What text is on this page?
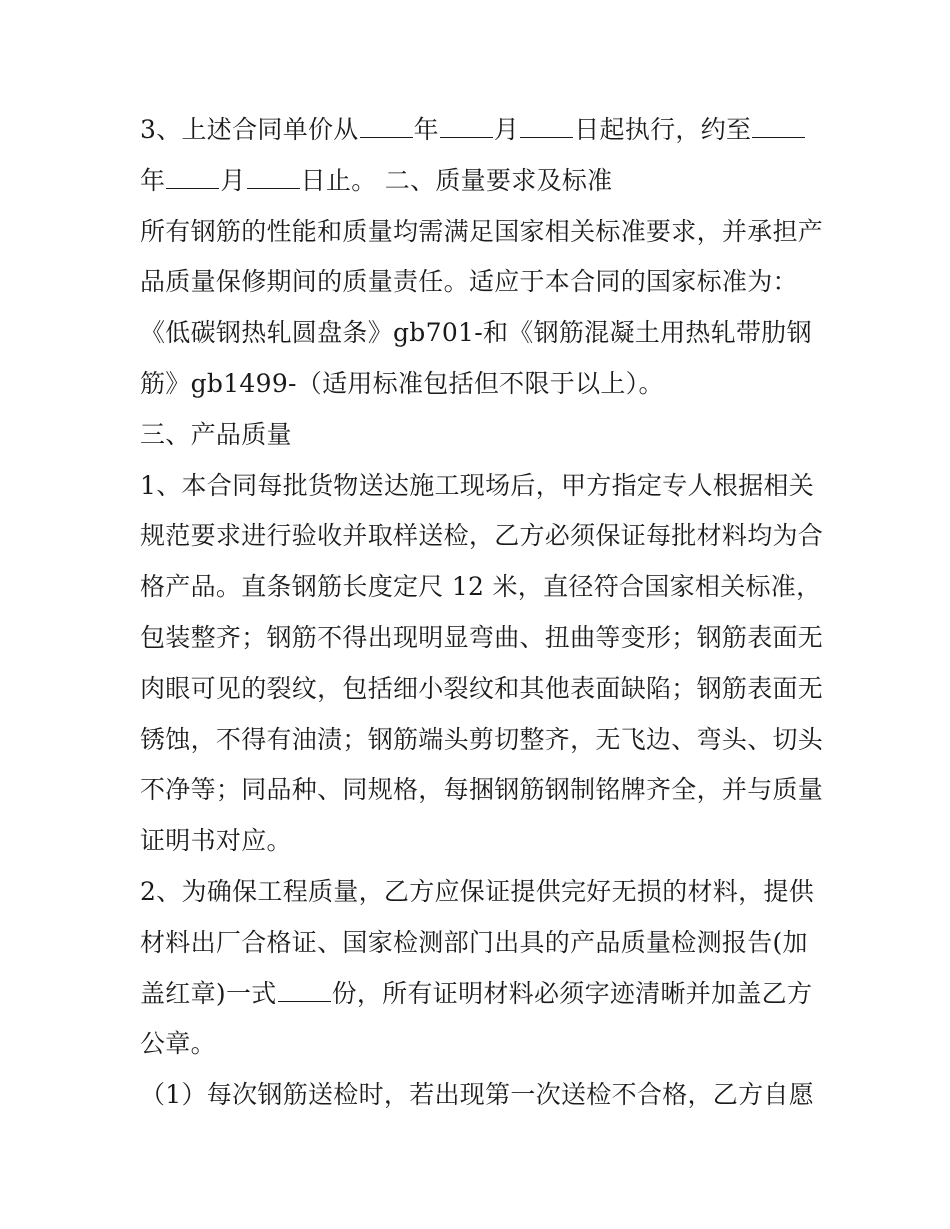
3、上述合同单价从 年 月 日起执行，约至
年 月 日止。 二、质量要求及标准
所有钢筋的性能和质量均需满足国家相关标准要求，并承担产
品质量保修期间的质量责任。适应于本合同的国家标准为：
《低碳钢热轧圆盘条》gb701-和《钢筋混凝土用热轧带肋钢
筋》gb1499-（适用标准包括但不限于以上）。
三、产品质量
1、本合同每批货物送达施工现场后，甲方指定专人根据相关
规范要求进行验收并取样送检，乙方必须保证每批材料均为合
格产品。直条钢筋长度定尺 12 米，直径符合国家相关标准，
包装整齐；钢筋不得出现明显弯曲、扭曲等变形；钢筋表面无
肉眼可见的裂纹，包括细小裂纹和其他表面缺陷；钢筋表面无
锈蚀，不得有油渍；钢筋端头剪切整齐，无飞边、弯头、切头
不净等；同品种、同规格，每捆钢筋钢制铭牌齐全，并与质量
证明书对应。
2、为确保工程质量，乙方应保证提供完好无损的材料，提供
材料出厂合格证、国家检测部门出具的产品质量检测报告(加
盖红章)一式 份，所有证明材料必须字迹清晰并加盖乙方
公章。
（1）每次钢筋送检时，若出现第一次送检不合格，乙方自愿
